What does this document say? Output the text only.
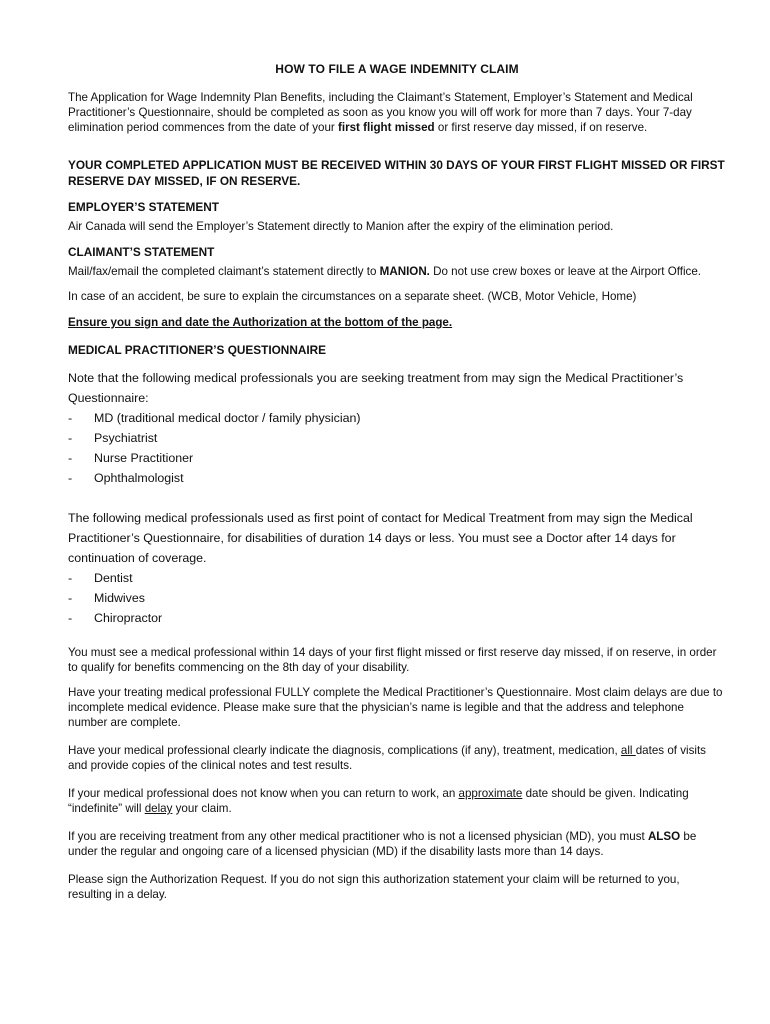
HOW TO FILE A WAGE INDEMNITY CLAIM

The Application for Wage Indemnity Plan Benefits, including the Claimant’s Statement, Employer’s Statement and Medical Practitioner’s Questionnaire, should be completed as soon as you know you will off work for more than 7 days. Your 7-day elimination period commences from the date of your first flight missed or first reserve day missed, if on reserve.

YOUR COMPLETED APPLICATION MUST BE RECEIVED WITHIN 30 DAYS OF YOUR FIRST FLIGHT MISSED OR FIRST RESERVE DAY MISSED, IF ON RESERVE.

EMPLOYER’S STATEMENT

Air Canada will send the Employer’s Statement directly to Manion after the expiry of the elimination period.

CLAIMANT’S STATEMENT

Mail/fax/email the completed claimant’s statement directly to MANION. Do not use crew boxes or leave at the Airport Office.

In case of an accident, be sure to explain the circumstances on a separate sheet. (WCB, Motor Vehicle, Home)

Ensure you sign and date the Authorization at the bottom of the page.

MEDICAL PRACTITIONER’S QUESTIONNAIRE

Note that the following medical professionals you are seeking treatment from may sign the Medical Practitioner’s Questionnaire:

- MD (traditional medical doctor / family physician)
- Psychiatrist
- Nurse Practitioner
- Ophthalmologist

The following medical professionals used as first point of contact for Medical Treatment from may sign the Medical Practitioner’s Questionnaire, for disabilities of duration 14 days or less. You must see a Doctor after 14 days for continuation of coverage.

- Dentist
- Midwives
- Chiropractor

You must see a medical professional within 14 days of your first flight missed or first reserve day missed, if on reserve, in order to qualify for benefits commencing on the 8th day of your disability.

Have your treating medical professional FULLY complete the Medical Practitioner’s Questionnaire. Most claim delays are due to incomplete medical evidence. Please make sure that the physician’s name is legible and that the address and telephone number are complete.

Have your medical professional clearly indicate the diagnosis, complications (if any), treatment, medication, all dates of visits and provide copies of the clinical notes and test results.

If your medical professional does not know when you can return to work, an approximate date should be given. Indicating “indefinite” will delay your claim.

If you are receiving treatment from any other medical practitioner who is not a licensed physician (MD), you must ALSO be under the regular and ongoing care of a licensed physician (MD) if the disability lasts more than 14 days.

Please sign the Authorization Request. If you do not sign this authorization statement your claim will be returned to you, resulting in a delay.
